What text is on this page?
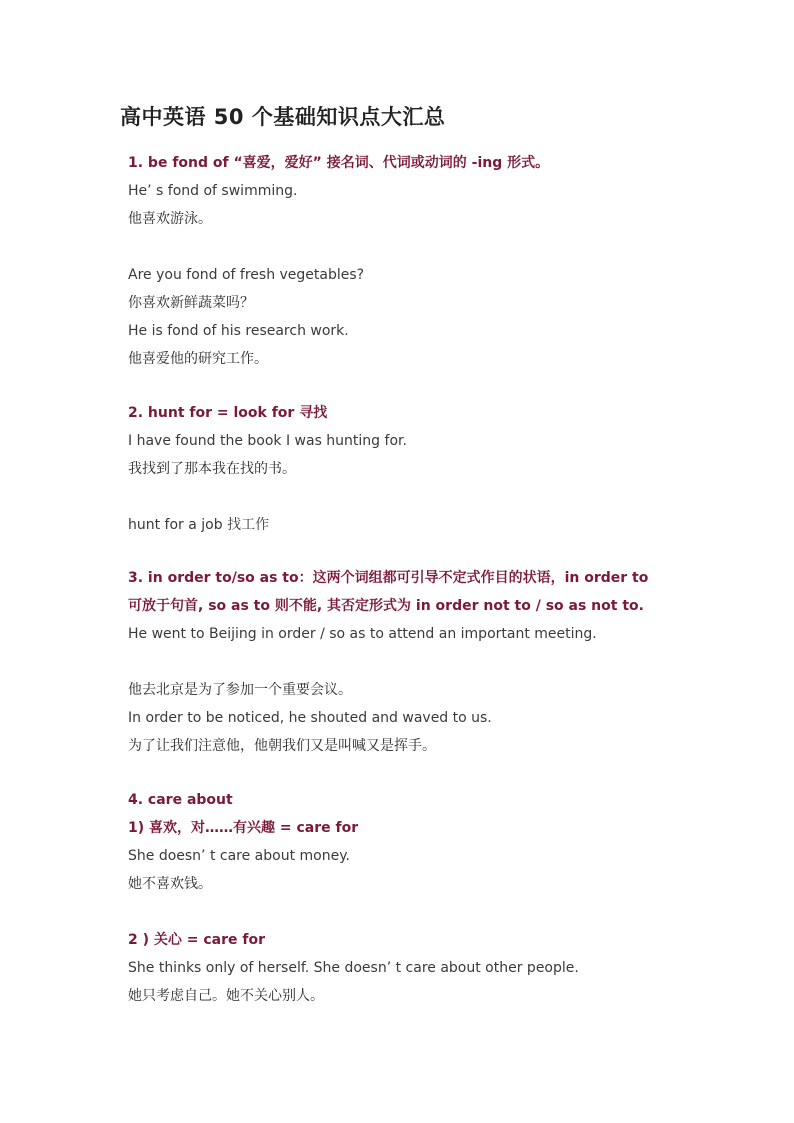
高中英语 50 个基础知识点大汇总
1. be fond of “喜爱，爱好” 接名词、代词或动词的 -ing 形式。
He’ s fond of swimming.
他喜欢游泳。
Are you fond of fresh vegetables?
你喜欢新鲜蔬菜吗？
He is fond of his research work.
他喜爱他的研究工作。
2. hunt for = look for 寻找
I have found the book I was hunting for.
我找到了那本我在找的书。
hunt for a job 找工作
3. in order to/so as to：这两个词组都可引导不定式作目的状语，in order to
可放于句首, so as to 则不能, 其否定形式为 in order not to / so as not to.
He went to Beijing in order / so as to attend an important meeting.
他去北京是为了参加一个重要会议。
In order to be noticed, he shouted and waved to us.
为了让我们注意他，他朝我们又是叫喊又是挥手。
4. care about
1) 喜欢，对……有兴趣 = care for
She doesn’ t care about money.
她不喜欢钱。
2 ) 关心 = care for
She thinks only of herself. She doesn’ t care about other people.
她只考虑自己。她不关心别人。
